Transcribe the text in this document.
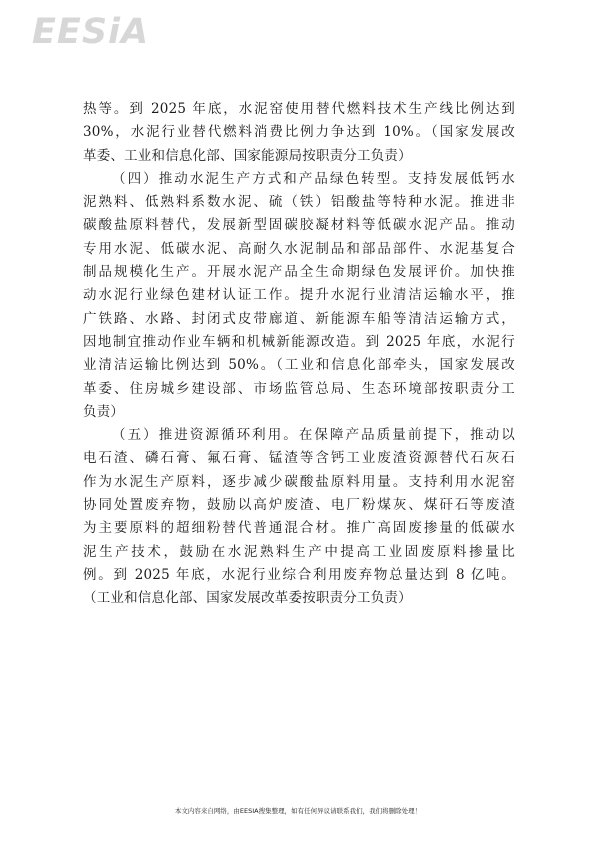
EESiA
热等。到 2025 年底，水泥窑使用替代燃料技术生产线比例达到
30%，水泥行业替代燃料消费比例力争达到 10%。（国家发展改
革委、工业和信息化部、国家能源局按职责分工负责）
（四）推动水泥生产方式和产品绿色转型。支持发展低钙水
泥熟料、低熟料系数水泥、硫（铁）铝酸盐等特种水泥。推进非
碳酸盐原料替代，发展新型固碳胶凝材料等低碳水泥产品。推动
专用水泥、低碳水泥、高耐久水泥制品和部品部件、水泥基复合
制品规模化生产。开展水泥产品全生命期绿色发展评价。加快推
动水泥行业绿色建材认证工作。提升水泥行业清洁运输水平，推
广铁路、水路、封闭式皮带廊道、新能源车船等清洁运输方式，
因地制宜推动作业车辆和机械新能源改造。到 2025 年底，水泥行
业清洁运输比例达到 50%。（工业和信息化部牵头，国家发展改
革委、住房城乡建设部、市场监管总局、生态环境部按职责分工
负责）
（五）推进资源循环利用。在保障产品质量前提下，推动以
电石渣、磷石膏、氟石膏、锰渣等含钙工业废渣资源替代石灰石
作为水泥生产原料，逐步减少碳酸盐原料用量。支持利用水泥窑
协同处置废弃物，鼓励以高炉废渣、电厂粉煤灰、煤矸石等废渣
为主要原料的超细粉替代普通混合材。推广高固废掺量的低碳水
泥生产技术，鼓励在水泥熟料生产中提高工业固废原料掺量比
例。到 2025 年底，水泥行业综合利用废弃物总量达到 8 亿吨。
（工业和信息化部、国家发展改革委按职责分工负责）
本文内容来自网络，由EESIA搜集整理，如有任何异议请联系我们，我们将删除处理！
